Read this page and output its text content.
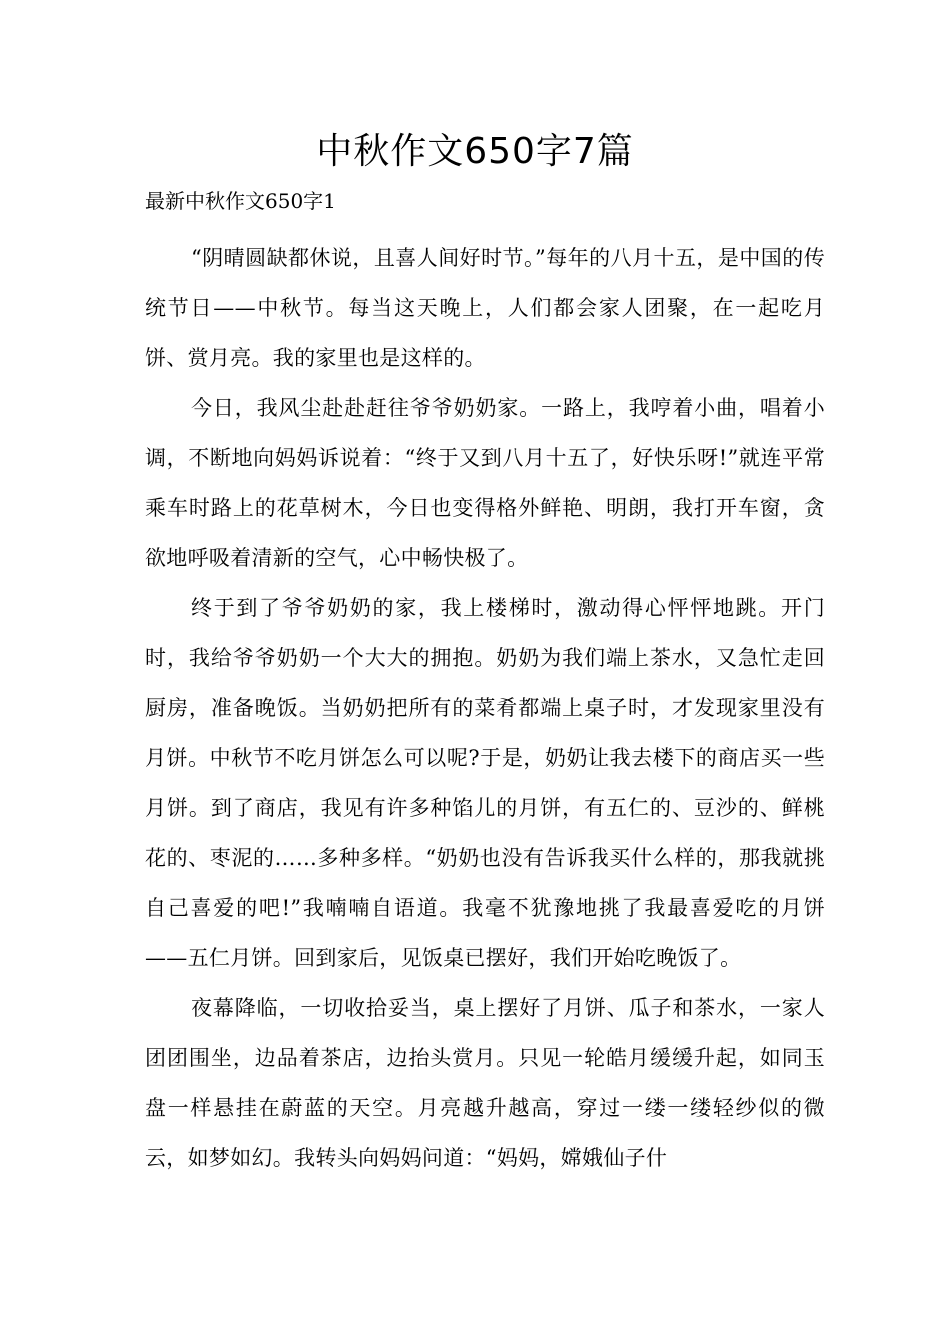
中秋作文650字7篇

最新中秋作文650字1

“阴晴圆缺都休说，且喜人间好时节。”每年的八月十五，是中国的传统节日——中秋节。每当这天晚上，人们都会家人团聚，在一起吃月饼、赏月亮。我的家里也是这样的。

今日，我风尘赴赴赶往爷爷奶奶家。一路上，我哼着小曲，唱着小调，不断地向妈妈诉说着：“终于又到八月十五了，好快乐呀!”就连平常乘车时路上的花草树木，今日也变得格外鲜艳、明朗，我打开车窗，贪欲地呼吸着清新的空气，心中畅快极了。

终于到了爷爷奶奶的家，我上楼梯时，激动得心怦怦地跳。开门时，我给爷爷奶奶一个大大的拥抱。奶奶为我们端上茶水，又急忙走回厨房，准备晚饭。当奶奶把所有的菜肴都端上桌子时，才发现家里没有月饼。中秋节不吃月饼怎么可以呢?于是，奶奶让我去楼下的商店买一些月饼。到了商店，我见有许多种馅儿的月饼，有五仁的、豆沙的、鲜桃花的、枣泥的……多种多样。“奶奶也没有告诉我买什么样的，那我就挑自己喜爱的吧!”我喃喃自语道。我毫不犹豫地挑了我最喜爱吃的月饼——五仁月饼。回到家后，见饭桌已摆好，我们开始吃晚饭了。

夜幕降临，一切收拾妥当，桌上摆好了月饼、瓜子和茶水，一家人团团围坐，边品着茶店，边抬头赏月。只见一轮皓月缓缓升起，如同玉盘一样悬挂在蔚蓝的天空。月亮越升越高，穿过一缕一缕轻纱似的微云，如梦如幻。我转头向妈妈问道：“妈妈，嫦娥仙子什
